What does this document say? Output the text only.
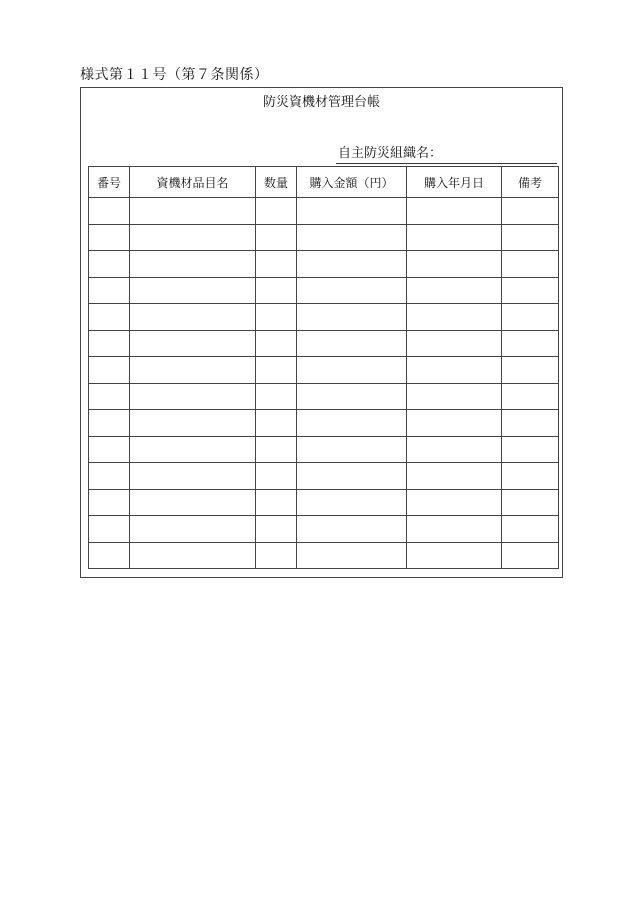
様式第１１号（第７条関係）
防災資機材管理台帳
自主防災組織名：
番号	資機材品目名	数量	購入金額（円）	購入年月日	備考
